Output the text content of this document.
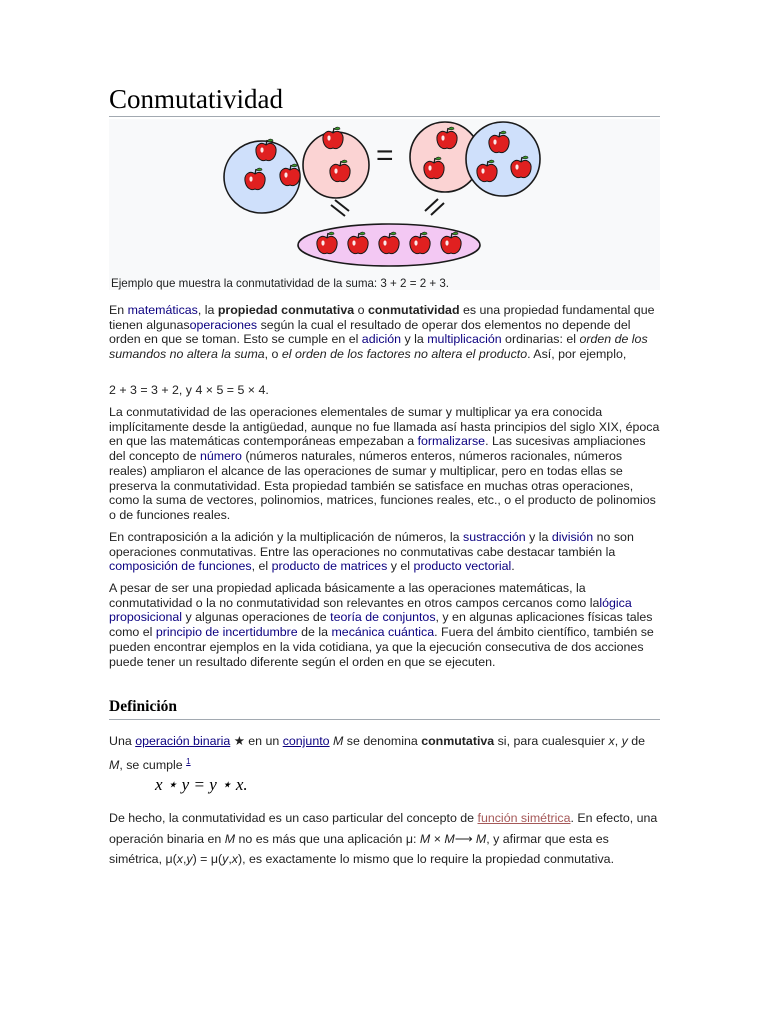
Conmutatividad
=
Ejemplo que muestra la conmutatividad de la suma: 3 + 2 = 2 + 3.
En matemáticas, la propiedad conmutativa o conmutatividad es una propiedad fundamental que tienen algunasoperaciones según la cual el resultado de operar dos elementos no depende del orden en que se toman. Esto se cumple en el adición y la multiplicación ordinarias: el orden de los sumandos no altera la suma, o el orden de los factores no altera el producto. Así, por ejemplo,
2 + 3 = 3 + 2, y 4 × 5 = 5 × 4.
La conmutatividad de las operaciones elementales de sumar y multiplicar ya era conocida implícitamente desde la antigüedad, aunque no fue llamada así hasta principios del siglo XIX, época en que las matemáticas contemporáneas empezaban a formalizarse. Las sucesivas ampliaciones del concepto de número (números naturales, números enteros, números racionales, números reales) ampliaron el alcance de las operaciones de sumar y multiplicar, pero en todas ellas se preserva la conmutatividad. Esta propiedad también se satisface en muchas otras operaciones, como la suma de vectores, polinomios, matrices, funciones reales, etc., o el producto de polinomios o de funciones reales.
En contraposición a la adición y la multiplicación de números, la sustracción y la división no son operaciones conmutativas. Entre las operaciones no conmutativas cabe destacar también la composición de funciones, el producto de matrices y el producto vectorial.
A pesar de ser una propiedad aplicada básicamente a las operaciones matemáticas, la conmutatividad o la no conmutatividad son relevantes en otros campos cercanos como lalógica proposicional y algunas operaciones de teoría de conjuntos, y en algunas aplicaciones físicas tales como el principio de incertidumbre de la mecánica cuántica. Fuera del ámbito científico, también se pueden encontrar ejemplos en la vida cotidiana, ya que la ejecución consecutiva de dos acciones puede tener un resultado diferente según el orden en que se ejecuten.
Definición
Una operación binaria ★ en un conjunto M se denomina conmutativa si, para cualesquier x, y de M, se cumple $^1$
x ⋆ y = y ⋆ x.
De hecho, la conmutatividad es un caso particular del concepto de función simétrica. En efecto, una operación binaria en M no es más que una aplicación μ: M × M⟶ M, y afirmar que esta es simétrica, μ(x,y) = μ(y,x), es exactamente lo mismo que lo require la propiedad conmutativa.
